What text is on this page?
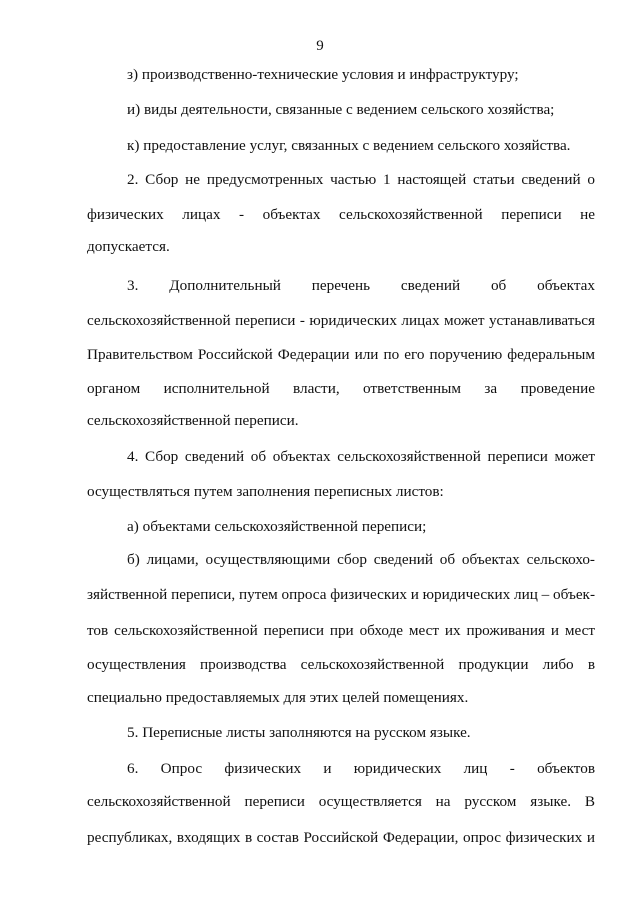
9
з) производственно-технические условия и инфраструктуру;
и) виды деятельности, связанные с ведением сельского хозяйства;
к) предоставление услуг, связанных с ведением сельского хозяйства.
2. Сбор не предусмотренных частью 1 настоящей статьи сведений о
физических лицах - объектах сельскохозяйственной переписи не
допускается.
3. Дополнительный перечень сведений об объектах
сельскохозяйственной переписи - юридических лицах может устанавливаться
Правительством Российской Федерации или по его поручению федеральным
органом исполнительной власти, ответственным за проведение
сельскохозяйственной переписи.
4. Сбор сведений об объектах сельскохозяйственной переписи может
осуществляться путем заполнения переписных листов:
а) объектами сельскохозяйственной переписи;
б) лицами, осуществляющими сбор сведений об объектах сельскохо-
зяйственной переписи, путем опроса физических и юридических лиц – объек-
тов сельскохозяйственной переписи при обходе мест их проживания и мест
осуществления производства сельскохозяйственной продукции либо в
специально предоставляемых для этих целей помещениях.
5. Переписные листы заполняются на русском языке.
6. Опрос физических и юридических лиц - объектов
сельскохозяйственной переписи осуществляется на русском языке. В
республиках, входящих в состав Российской Федерации, опрос физических и
